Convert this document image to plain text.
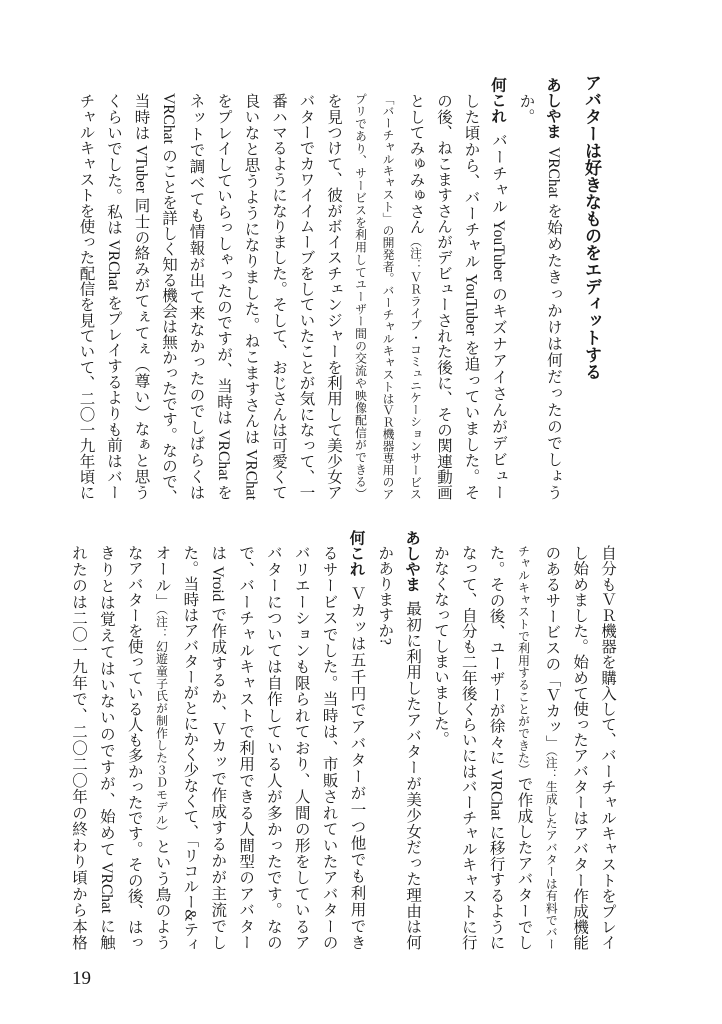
アバターは好きなものをエディットする
あしやまVRChat を始めたきっかけは何だったのでしょう
か。
何これバーチャル YouTuber のキズナアイさんがデビュー
した頃から、バーチャル YouTuber を追っていました。そ
の後、ねこますさんがデビューされた後に、その関連動画
としてみゅみゅさん（注：ＶＲライブ・コミュニケーションサービス
「バーチャルキャスト」の開発者。バーチャルキャストはＶＲ機器専用のア
プリであり、サービスを利用してユーザー間の交流や映像配信ができる）
を見つけて、彼がボイスチェンジャーを利用して美少女ア
バターでカワイイムーブをしていたことが気になって、一
番ハマるようになりました。そして、おじさんは可愛くて
良いなと思うようになりました。ねこますさんは VRChat
をプレイしていらっしゃったのですが、当時は VRChat を
ネットで調べても情報が出て来なかったのでしばらくは
VRChat のことを詳しく知る機会は無かったです。なので、
当時は VTuber 同士の絡みがてぇてぇ（尊い）なぁと思う
くらいでした。私は VRChat をプレイするよりも前はバー
チャルキャストを使った配信を見ていて、二〇一九年頃に
自分もＶＲ機器を購入して、バーチャルキャストをプレイ
し始めました。始めて使ったアバターはアバター作成機能
のあるサービスの「Ｖカッ」（注：生成したアバターは有料でバー
チャルキャストで利用することができた）で作成したアバターでし
た。その後、ユーザーが徐々に VRChat に移行するように
なって、自分も二年後くらいにはバーチャルキャストに行
かなくなってしまいました。
あしやま最初に利用したアバターが美少女だった理由は何
かありますか?
何これＶカッは五千円でアバターが一つ他でも利用でき
るサービスでした。当時は、市販されていたアバターの
バリエーションも限られており、人間の形をしているア
バターについては自作している人が多かったです。なの
で、バーチャルキャストで利用できる人間型のアバター
は Vroid で作成するか、Ｖカッで作成するかが主流でし
た。当時はアバターがとにかく少なくて、「リコルー&ティ
オール」（注：幻遊童子氏が制作した３Ｄモデル）という鳥のよう
なアバターを使っている人も多かったです。その後、はっ
きりとは覚えてはいないのですが、始めて VRChat に触
れたのは二〇一九年で、二〇二〇年の終わり頃から本格
19
